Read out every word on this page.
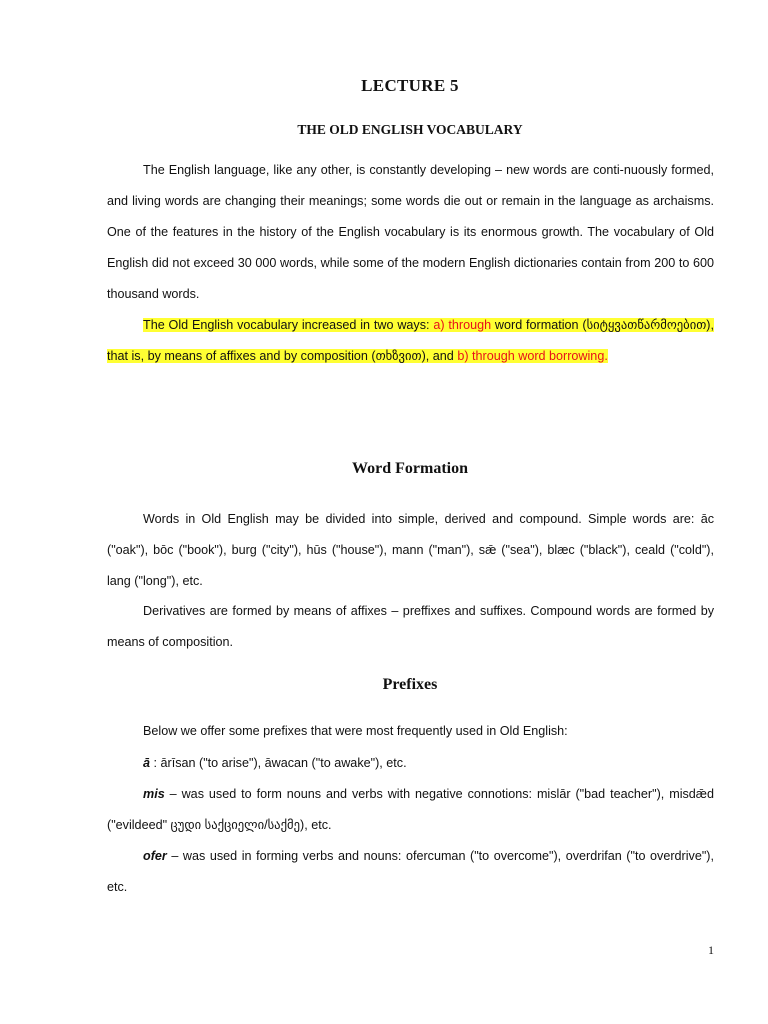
LECTURE 5
THE OLD ENGLISH VOCABULARY

The English language, like any other, is constantly developing – new words are conti-nuously formed, and living words are changing their meanings; some words die out or remain in the language as archaisms. One of the features in the history of the English vocabulary is its enormous growth. The vocabulary of Old English did not exceed 30 000 words, while some of the modern English dictionaries contain from 200 to 600 thousand words.

The Old English vocabulary increased in two ways: a) through word formation (სიტყვათწარმოებით), that is, by means of affixes and by composition (თხზვით), and b) through word borrowing.

Word Formation

Words in Old English may be divided into simple, derived and compound. Simple words are: āc ("oak"), bōc ("book"), burg ("city"), hūs ("house"), mann ("man"), sǣ ("sea"), blæc ("black"), ceald ("cold"), lang ("long"), etc.

Derivatives are formed by means of affixes – preffixes and suffixes. Compound words are formed by means of composition.

Prefixes

Below we offer some prefixes that were most frequently used in Old English:

ā : ārīsan ("to arise"), āwacan ("to awake"), etc.

mis – was used to form nouns and verbs with negative connotions: mislār ("bad teacher"), misdǣd ("evildeed" ცუდი საქციელი/საქმე), etc.

ofer – was used in forming verbs and nouns: ofercuman ("to overcome"), overdrifan ("to overdrive"), etc.

1
